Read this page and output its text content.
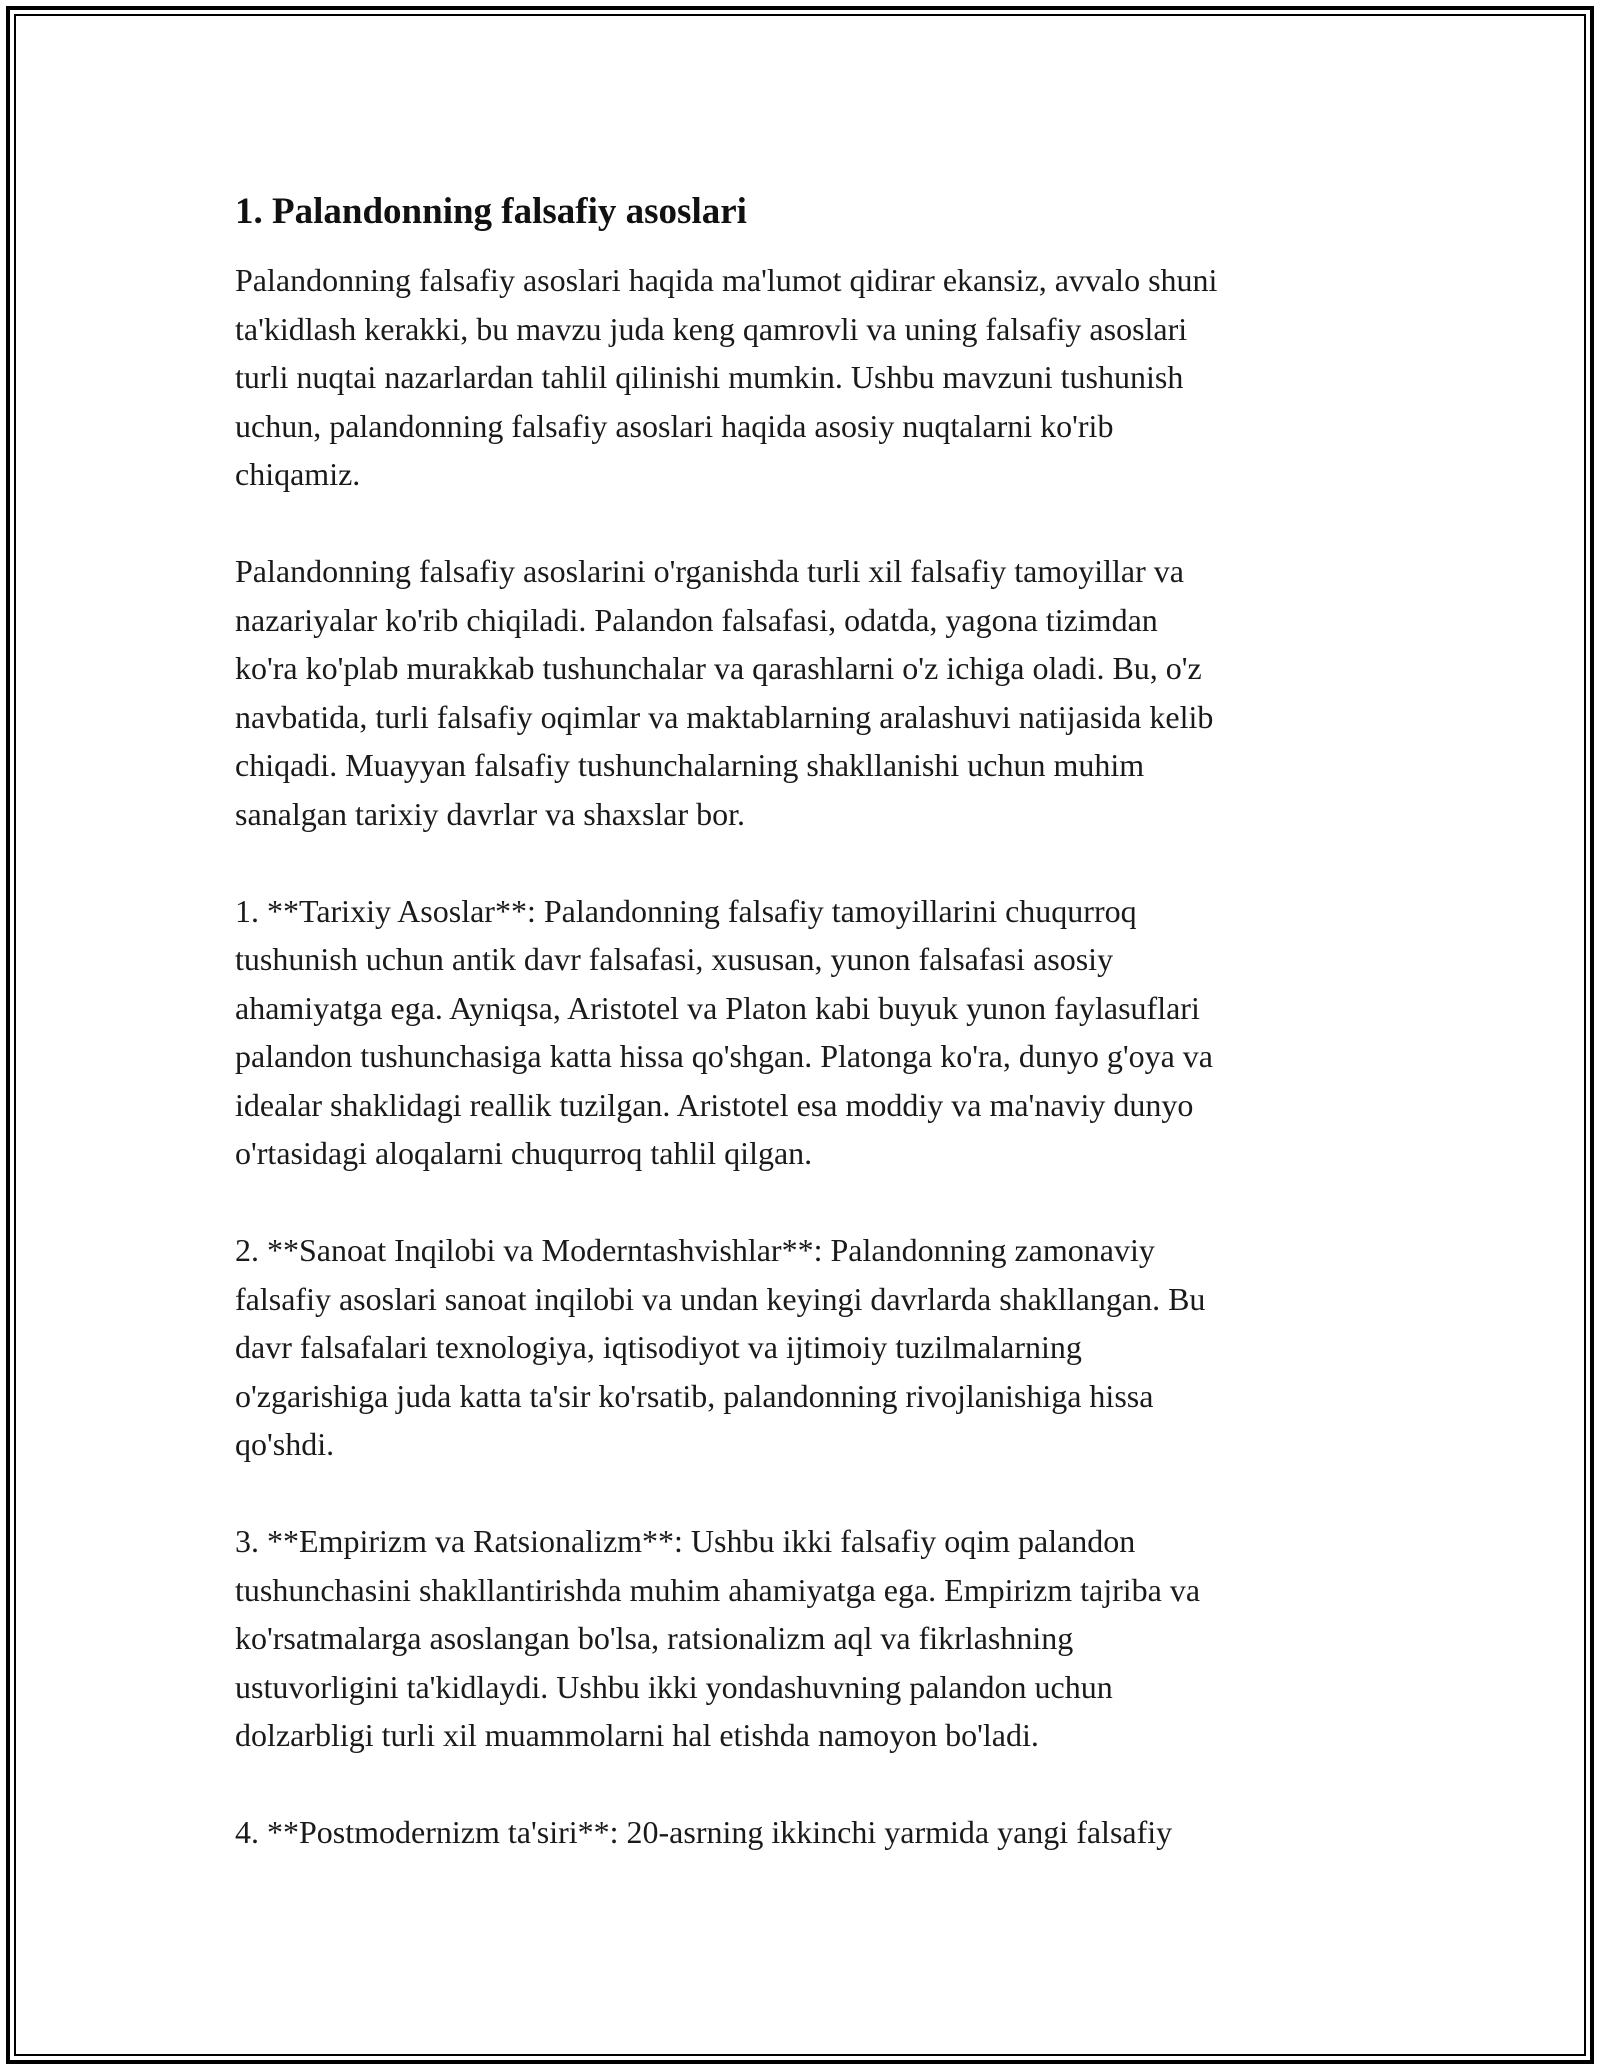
1. Palandonning falsafiy asoslari
Palandonning falsafiy asoslari haqida ma'lumot qidirar ekansiz, avvalo shuni
ta'kidlash kerakki, bu mavzu juda keng qamrovli va uning falsafiy asoslari
turli nuqtai nazarlardan tahlil qilinishi mumkin. Ushbu mavzuni tushunish
uchun, palandonning falsafiy asoslari haqida asosiy nuqtalarni ko'rib
chiqamiz.
Palandonning falsafiy asoslarini o'rganishda turli xil falsafiy tamoyillar va
nazariyalar ko'rib chiqiladi. Palandon falsafasi, odatda, yagona tizimdan
ko'ra ko'plab murakkab tushunchalar va qarashlarni o'z ichiga oladi. Bu, o'z
navbatida, turli falsafiy oqimlar va maktablarning aralashuvi natijasida kelib
chiqadi. Muayyan falsafiy tushunchalarning shakllanishi uchun muhim
sanalgan tarixiy davrlar va shaxslar bor.
1. **Tarixiy Asoslar**: Palandonning falsafiy tamoyillarini chuqurroq
tushunish uchun antik davr falsafasi, xususan, yunon falsafasi asosiy
ahamiyatga ega. Ayniqsa, Aristotel va Platon kabi buyuk yunon faylasuflari
palandon tushunchasiga katta hissa qo'shgan. Platonga ko'ra, dunyo g'oya va
idealar shaklidagi reallik tuzilgan. Aristotel esa moddiy va ma'naviy dunyo
o'rtasidagi aloqalarni chuqurroq tahlil qilgan.
2. **Sanoat Inqilobi va Moderntashvishlar**: Palandonning zamonaviy
falsafiy asoslari sanoat inqilobi va undan keyingi davrlarda shakllangan. Bu
davr falsafalari texnologiya, iqtisodiyot va ijtimoiy tuzilmalarning
o'zgarishiga juda katta ta'sir ko'rsatib, palandonning rivojlanishiga hissa
qo'shdi.
3. **Empirizm va Ratsionalizm**: Ushbu ikki falsafiy oqim palandon
tushunchasini shakllantirishda muhim ahamiyatga ega. Empirizm tajriba va
ko'rsatmalarga asoslangan bo'lsa, ratsionalizm aql va fikrlashning
ustuvorligini ta'kidlaydi. Ushbu ikki yondashuvning palandon uchun
dolzarbligi turli xil muammolarni hal etishda namoyon bo'ladi.
4. **Postmodernizm ta'siri**: 20-asrning ikkinchi yarmida yangi falsafiy
